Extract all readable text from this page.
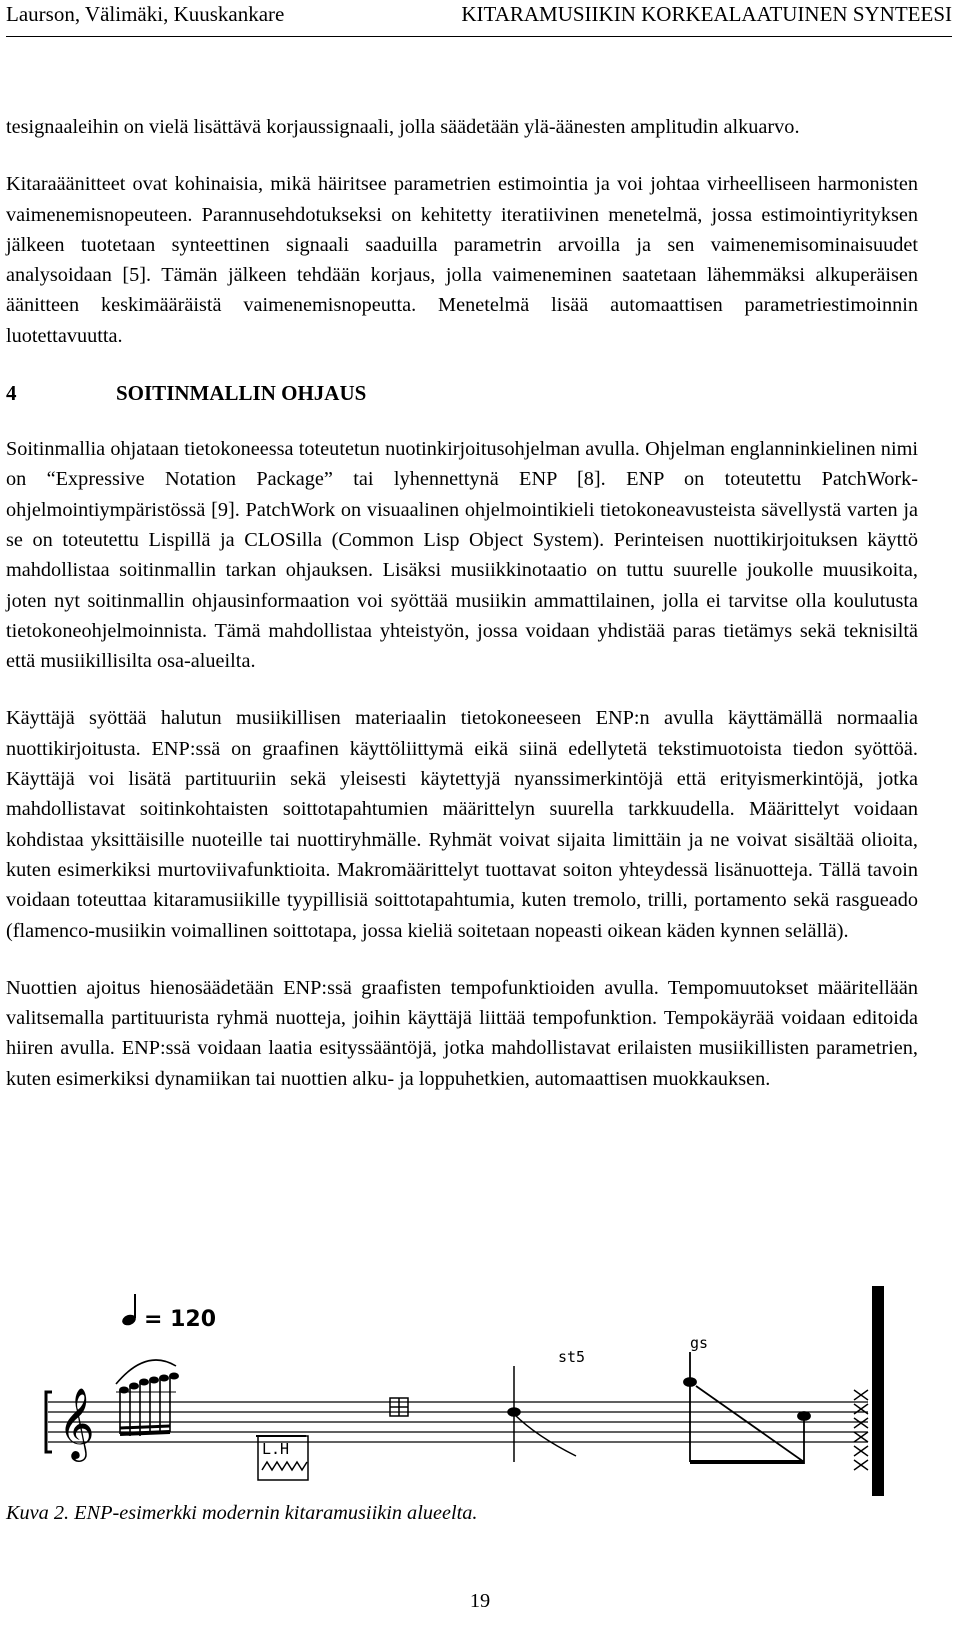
Laurson, Välimäki, Kuuskankare	KITARAMUSIIKIN KORKEALAATUINEN SYNTEESI

tesignaaleihin on vielä lisättävä korjaussignaali, jolla säädetään ylä-äänesten amplitudin alkuarvo.

Kitaraäänitteet ovat kohinaisia, mikä häiritsee parametrien estimointia ja voi johtaa virheelliseen harmonisten vaimenemisnopeuteen. Parannusehdotukseksi on kehitetty iteratiivinen menetelmä, jossa estimointiyrityksen jälkeen tuotetaan synteettinen signaali saaduilla parametrin arvoilla ja sen vaimenemisominaisuudet analysoidaan [5]. Tämän jälkeen tehdään korjaus, jolla vaimeneminen saatetaan lähemmäksi alkuperäisen äänitteen keskimääräistä vaimenemisnopeutta. Menetelmä lisää automaattisen parametriestimoinnin luotettavuutta.

4	SOITINMALLIN OHJAUS

Soitinmallia ohjataan tietokoneessa toteutetun nuotinkirjoitusohjelman avulla. Ohjelman englanninkielinen nimi on “Expressive Notation Package” tai lyhennettynä ENP [8]. ENP on toteutettu PatchWork-ohjelmointiympäristössä [9]. PatchWork on visuaalinen ohjelmointikieli tietokoneavusteista sävellystä varten ja se on toteutettu Lispillä ja CLOSilla (Common Lisp Object System). Perinteisen nuottikirjoituksen käyttö mahdollistaa soitinmallin tarkan ohjauksen. Lisäksi musiikkinotaatio on tuttu suurelle joukolle muusikoita, joten nyt soitinmallin ohjausinformaation voi syöttää musiikin ammattilainen, jolla ei tarvitse olla koulutusta tietokoneohjelmoinnista. Tämä mahdollistaa yhteistyön, jossa voidaan yhdistää paras tietämys sekä teknisiltä että musiikillisilta osa-alueilta.

Käyttäjä syöttää halutun musiikillisen materiaalin tietokoneeseen ENP:n avulla käyttämällä normaalia nuottikirjoitusta. ENP:ssä on graafinen käyttöliittymä eikä siinä edellytetä tekstimuotoista tiedon syöttöä. Käyttäjä voi lisätä partituuriin sekä yleisesti käytettyjä nyanssimerkintöjä että erityismerkintöjä, jotka mahdollistavat soitinkohtaisten soittotapahtumien määrittelyn suurella tarkkuudella. Määrittelyt voidaan kohdistaa yksittäisille nuoteille tai nuottiryhmälle. Ryhmät voivat sijaita limittäin ja ne voivat sisältää olioita, kuten esimerkiksi murtoviivafunktioita. Makromäärittelyt tuottavat soiton yhteydessä lisänuotteja. Tällä tavoin voidaan toteuttaa kitaramusiikille tyypillisiä soittotapahtumia, kuten tremolo, trilli, portamento sekä rasgueado (flamenco-musiikin voimallinen soittotapa, jossa kieliä soitetaan nopeasti oikean käden kynnen selällä).

Nuottien ajoitus hienosäädetään ENP:ssä graafisten tempofunktioiden avulla. Tempomuutokset määritellään valitsemalla partituurista ryhmä nuotteja, joihin käyttäjä liittää tempofunktion. Tempokäyrää voidaan editoida hiiren avulla. ENP:ssä voidaan laatia esityssääntöjä, jotka mahdollistavat erilaisten musiikillisten parametrien, kuten esimerkiksi dynamiikan tai nuottien alku- ja loppuhetkien, automaattisen muokkauksen.

= 120
𝄞	L.H
st5
gs
Kuva 2. ENP-esimerkki modernin kitaramusiikin alueelta.
19
